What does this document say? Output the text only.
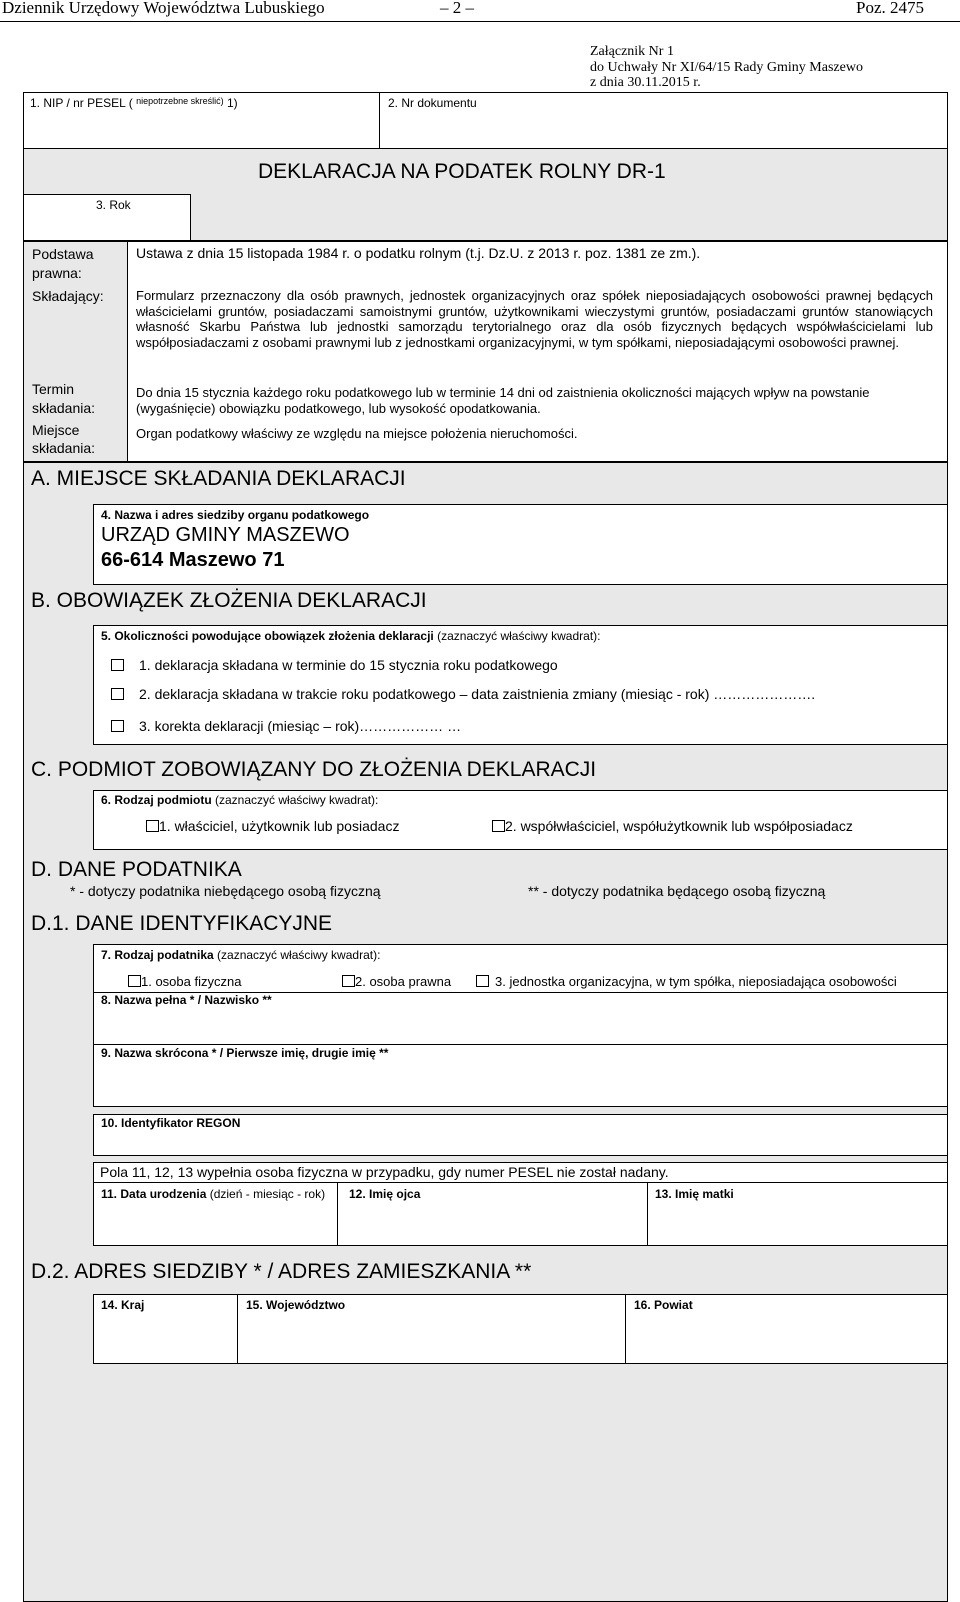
Dziennik Urzędowy Województwa Lubuskiego	– 2 –	Poz. 2475
Załącznik Nr 1
do Uchwały Nr XI/64/15 Rady Gminy Maszewo
z dnia 30.11.2015 r.
1. NIP / nr PESEL ( $^{niepotrzebne skreślić)}$ 1)	2. Nr dokumentu
3. Rok
DEKLARACJA NA PODATEK ROLNY DR-1
Podstawa prawna:
Ustawa z dnia 15 listopada 1984 r. o podatku rolnym (t.j. Dz.U. z 2013 r. poz. 1381 ze zm.).
Składający: Formularz przeznaczony dla osób prawnych, jednostek organizacyjnych oraz spółek nieposiadających osobowości prawnej będących właścicielami gruntów, posiadaczami samoistnymi gruntów, użytkownikami wieczystymi gruntów, posiadaczami gruntów stanowiących własność Skarbu Państwa lub jednostki samorządu terytorialnego oraz dla osób fizycznych będących współwłaścicielami lub współposiadaczami z osobami prawnymi lub z jednostkami organizacyjnymi, w tym spółkami, nieposiadającymi osobowości prawnej.
Termin składania:
Do dnia 15 stycznia każdego roku podatkowego lub w terminie 14 dni od zaistnienia okoliczności mających wpływ na powstanie (wygaśnięcie) obowiązku podatkowego, lub wysokość opodatkowania.
Miejsce składania:
Organ podatkowy właściwy ze względu na miejsce położenia nieruchomości.
A. MIEJSCE SKŁADANIA DEKLARACJI
4. Nazwa i adres siedziby organu podatkowego
URZĄD GMINY MASZEWO
66-614 Maszewo 71
B. OBOWIĄZEK ZŁOŻENIA DEKLARACJI
5. Okoliczności powodujące obowiązek złożenia deklaracji (zaznaczyć właściwy kwadrat):
1. deklaracja składana w terminie do 15 stycznia roku podatkowego
2. deklaracja składana w trakcie roku podatkowego – data zaistnienia zmiany (miesiąc - rok) ………………….
3. korekta deklaracji (miesiąc – rok)……………… …
C. PODMIOT ZOBOWIĄZANY DO ZŁOŻENIA DEKLARACJI
6. Rodzaj podmiotu (zaznaczyć właściwy kwadrat):
1. właściciel, użytkownik lub posiadacz	2. współwłaściciel, współużytkownik lub współposiadacz
D. DANE PODATNIKA
* - dotyczy podatnika niebędącego osobą fizyczną	** - dotyczy podatnika będącego osobą fizyczną
D.1. DANE IDENTYFIKACYJNE
7. Rodzaj podatnika (zaznaczyć właściwy kwadrat):
1. osoba fizyczna	2. osoba prawna	3. jednostka organizacyjna, w tym spółka, nieposiadająca osobowości
8. Nazwa pełna * / Nazwisko **
9. Nazwa skrócona * / Pierwsze imię, drugie imię **
10. Identyfikator REGON
Pola 11, 12, 13 wypełnia osoba fizyczna w przypadku, gdy numer PESEL nie został nadany.
11. Data urodzenia (dzień - miesiąc - rok)	12. Imię ojca	13. Imię matki
D.2. ADRES SIEDZIBY * / ADRES ZAMIESZKANIA **
14. Kraj	15. Województwo	16. Powiat
